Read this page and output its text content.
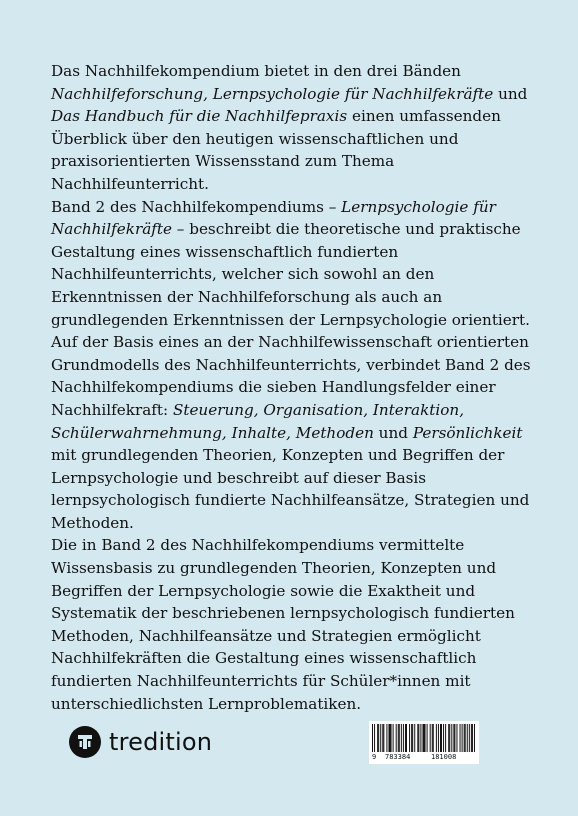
Das Nachhilfekompendium bietet in den drei Bänden Nachhilfeforschung, Lernpsychologie für Nachhilfekräfte und Das Handbuch für die Nachhilfepraxis einen umfassenden Überblick über den heutigen wissenschaftlichen und praxisorientierten Wissensstand zum Thema Nachhilfeunterricht.

Band 2 des Nachhilfekompendiums – Lernpsychologie für Nachhilfekräfte – beschreibt die theoretische und praktische Gestaltung eines wissenschaftlich fundierten Nachhilfeunterrichts, welcher sich sowohl an den Erkenntnissen der Nachhilfeforschung als auch an grundlegenden Erkenntnissen der Lernpsychologie orientiert.

Auf der Basis eines an der Nachhilfewissenschaft orientierten Grundmodells des Nachhilfeunterrichts, verbindet Band 2 des Nachhilfekompendiums die sieben Handlungsfelder einer Nachhilfekraft: Steuerung, Organisation, Interaktion, Schülerwahrnehmung, Inhalte, Methoden und Persönlichkeit mit grundlegenden Theorien, Konzepten und Begriffen der Lernpsychologie und beschreibt auf dieser Basis lernpsychologisch fundierte Nachhilfeansätze, Strategien und Methoden.

Die in Band 2 des Nachhilfekompendiums vermittelte Wissensbasis zu grundlegenden Theorien, Konzepten und Begriffen der Lernpsychologie sowie die Exaktheit und Systematik der beschriebenen lernpsychologisch fundierten Methoden, Nachhilfeansätze und Strategien ermöglicht Nachhilfekräften die Gestaltung eines wissenschaftlich fundierten Nachhilfeunterrichts für Schüler*innen mit unterschiedlichsten Lernproblematiken.

tredition
9 783384	181008
